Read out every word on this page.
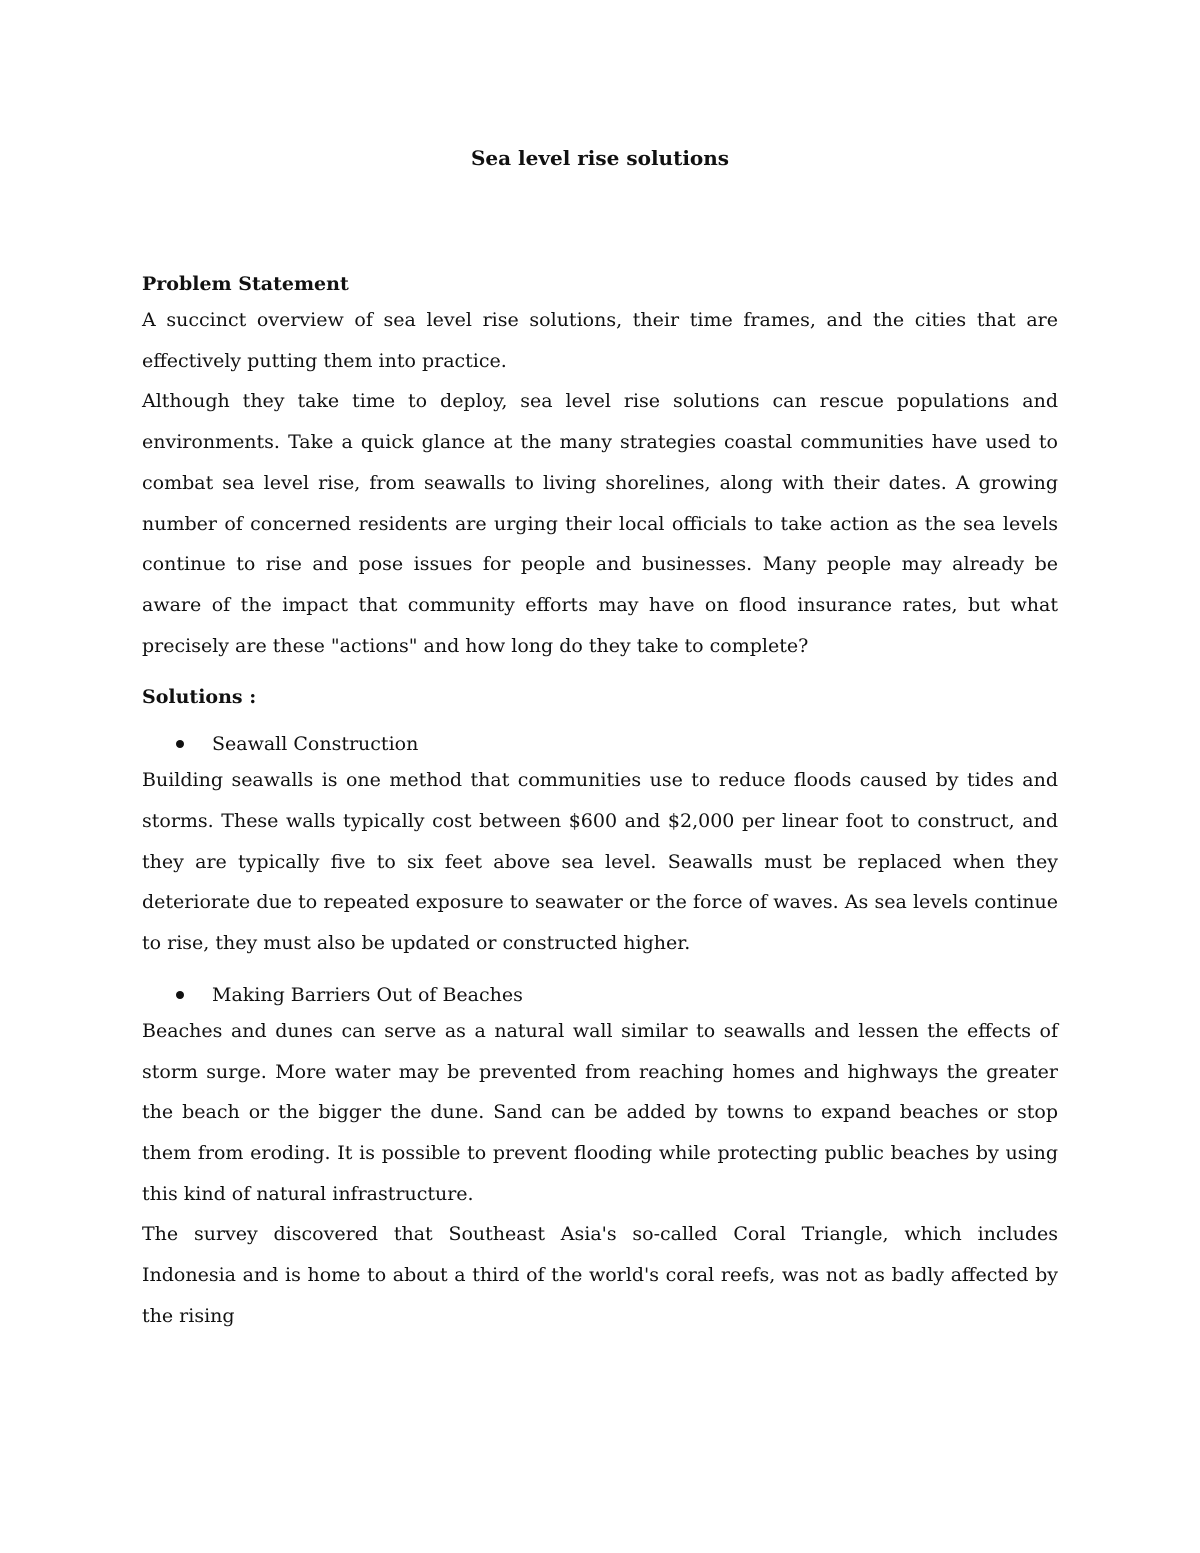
Sea level rise solutions
Problem Statement

A succinct overview of sea level rise solutions, their time frames, and the cities that are effectively putting them into practice.

Although they take time to deploy, sea level rise solutions can rescue populations and environments. Take a quick glance at the many strategies coastal communities have used to combat sea level rise, from seawalls to living shorelines, along with their dates. A growing number of concerned residents are urging their local officials to take action as the sea levels continue to rise and pose issues for people and businesses. Many people may already be aware of the impact that community efforts may have on flood insurance rates, but what precisely are these "actions" and how long do they take to complete?

Solutions :
Seawall Construction

Building seawalls is one method that communities use to reduce floods caused by tides and storms. These walls typically cost between $600 and $2,000 per linear foot to construct, and they are typically five to six feet above sea level. Seawalls must be replaced when they deteriorate due to repeated exposure to seawater or the force of waves. As sea levels continue to rise, they must also be updated or constructed higher.

Making Barriers Out of Beaches

Beaches and dunes can serve as a natural wall similar to seawalls and lessen the effects of storm surge. More water may be prevented from reaching homes and highways the greater the beach or the bigger the dune. Sand can be added by towns to expand beaches or stop them from eroding. It is possible to prevent flooding while protecting public beaches by using this kind of natural infrastructure.

The survey discovered that Southeast Asia's so-called Coral Triangle, which includes Indonesia and is home to about a third of the world's coral reefs, was not as badly affected by the rising
